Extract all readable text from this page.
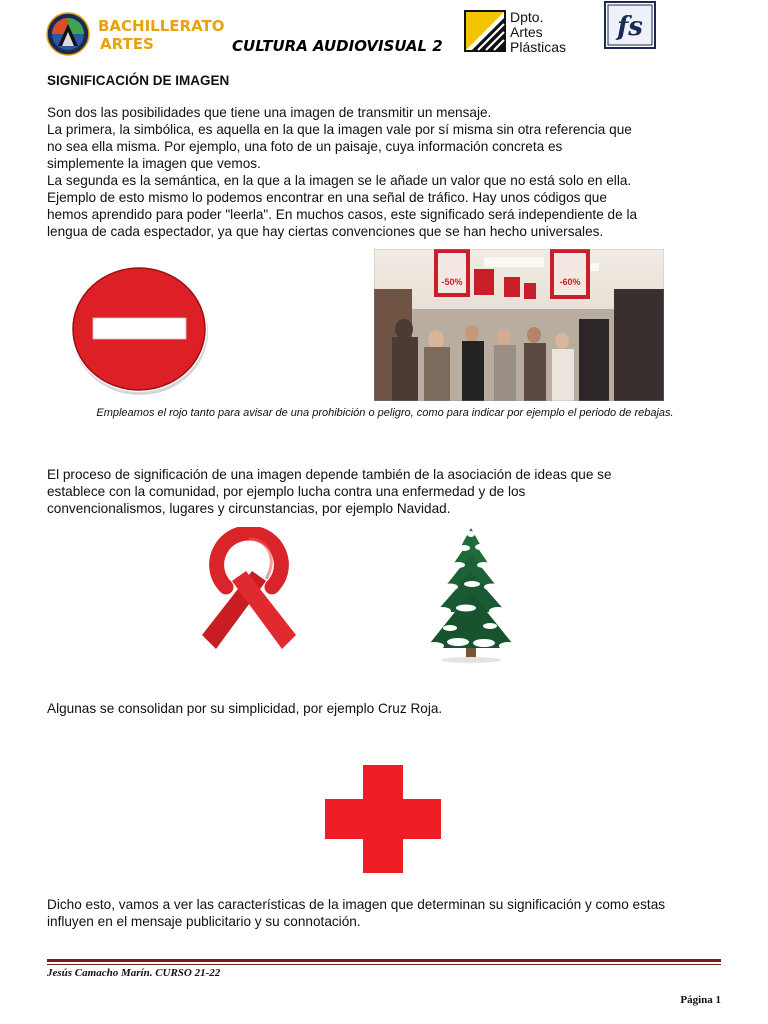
BACHILLERATO
ARTES	CULTURA AUDIOVISUAL 2
Dpto.
Artes
Plásticas
fs
SIGNIFICACIÓN DE IMAGEN

Son dos las posibilidades que tiene una imagen de transmitir un mensaje.

La primera, la simbólica, es aquella en la que la imagen vale por sí misma sin otra referencia que

no sea ella misma. Por ejemplo, una foto de un paisaje, cuya información concreta es

simplemente la imagen que vemos.

La segunda es la semántica, en la que a la imagen se le añade un valor que no está solo en ella.

Ejemplo de esto mismo lo podemos encontrar en una señal de tráfico. Hay unos códigos que

hemos aprendido para poder "leerla". En muchos casos, este significado será independiente de la

lengua de cada espectador, ya que hay ciertas convenciones que se han hecho universales.

-50%	-60%
Empleamos el rojo tanto para avisar de una prohibición o peligro, como para indicar por ejemplo el periodo de rebajas.

El proceso de significación de una imagen depende también de la asociación de ideas que se

establece con la comunidad, por ejemplo lucha contra una enfermedad y de los

convencionalismos, lugares y circunstancias, por ejemplo Navidad.

Algunas se consolidan por su simplicidad, por ejemplo Cruz Roja.

Dicho esto, vamos a ver las características de la imagen que determinan su significación y como estas

influyen en el mensaje publicitario y su connotación.

Jesús Camacho Marín. CURSO 21-22
Página 1
